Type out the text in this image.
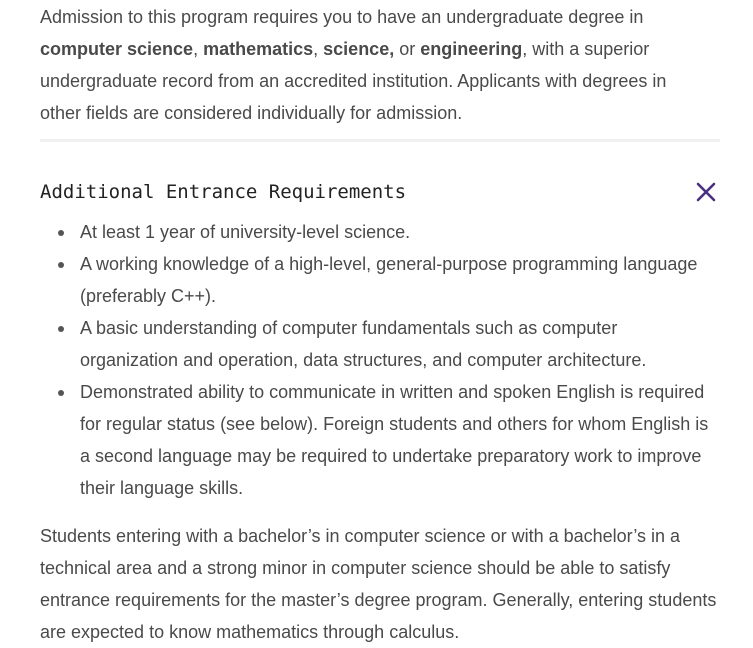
Admission to this program requires you to have an undergraduate degree in computer science, mathematics, science, or engineering, with a superior undergraduate record from an accredited institution. Applicants with degrees in other fields are considered individually for admission.

Additional Entrance Requirements
At least 1 year of university-level science.
A working knowledge of a high-level, general-purpose programming language (preferably C++).
A basic understanding of computer fundamentals such as computer organization and operation, data structures, and computer architecture.
Demonstrated ability to communicate in written and spoken English is required for regular status (see below). Foreign students and others for whom English is a second language may be required to undertake preparatory work to improve their language skills.

Students entering with a bachelor’s in computer science or with a bachelor’s in a technical area and a strong minor in computer science should be able to satisfy entrance requirements for the master’s degree program. Generally, entering students are expected to know mathematics through calculus.
